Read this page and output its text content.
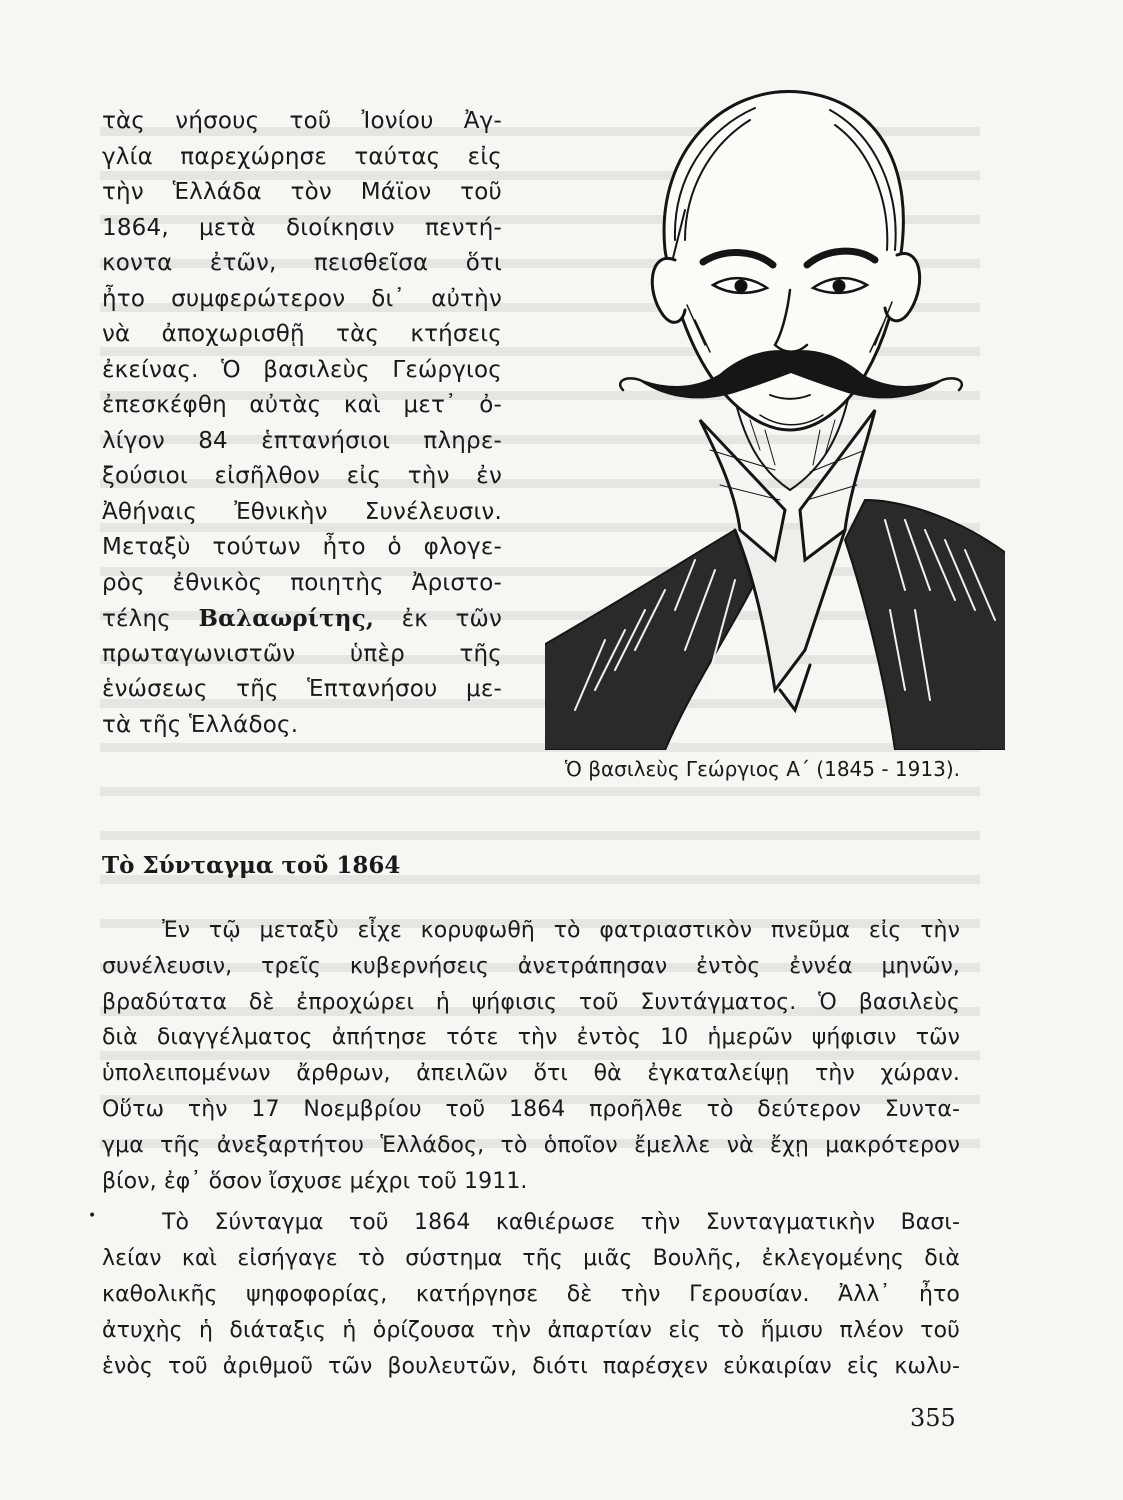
τὰς νήσους τοῦ Ἰονίου Ἀγ-
γλία παρεχώρησε ταύτας εἰς
τὴν Ἑλλάδα τὸν Μάϊον τοῦ
1864, μετὰ διοίκησιν πεντή-
κοντα ἐτῶν, πεισθεῖσα ὅτι
ἦτο συμφερώτερον δι᾽ αὐτὴν
νὰ ἀποχωρισθῇ τὰς κτήσεις
ἐκείνας. Ὁ βασιλεὺς Γεώργιος
ἐπεσκέφθη αὐτὰς καὶ μετ᾽ ὀ-
λίγον 84 ἑπτανήσιοι πληρε-
ξούσιοι εἰσῆλθον εἰς τὴν ἐν
Ἀθήναις Ἐθνικὴν Συνέλευσιν.
Μεταξὺ τούτων ἦτο ὁ φλογε-
ρὸς ἐθνικὸς ποιητὴς Ἀριστο-
τέλης Βαλαωρίτης, ἐκ τῶν
πρωταγωνιστῶν ὑπὲρ τῆς
ἑνώσεως τῆς Ἑπτανήσου με-
τὰ τῆς Ἑλλάδος.
Ὁ βασιλεὺς Γεώργιος Α΄ (1845 - 1913).
Τὸ Σύνταγμα τοῦ 1864
Ἐν τῷ μεταξὺ εἶχε κορυφωθῆ τὸ φατριαστικὸν πνεῦμα εἰς τὴν
συνέλευσιν, τρεῖς κυβερνήσεις ἀνετράπησαν ἐντὸς ἐννέα μηνῶν,
βραδύτατα δὲ ἐπροχώρει ἡ ψήφισις τοῦ Συντάγματος. Ὁ βασιλεὺς
διὰ διαγγέλματος ἀπήτησε τότε τὴν ἐντὸς 10 ἡμερῶν ψήφισιν τῶν
ὑπολειπομένων ἄρθρων, ἀπειλῶν ὅτι θὰ ἐγκαταλείψῃ τὴν χώραν.
Οὕτω τὴν 17 Νοεμβρίου τοῦ 1864 προῆλθε τὸ δεύτερον Συντα-
γμα τῆς ἀνεξαρτήτου Ἑλλάδος, τὸ ὁποῖον ἔμελλε νὰ ἔχῃ μακρότερον
βίον, ἐφ᾽ ὅσον ἴσχυσε μέχρι τοῦ 1911.
Τὸ Σύνταγμα τοῦ 1864 καθιέρωσε τὴν Συνταγματικὴν Βασι-
λείαν καὶ εἰσήγαγε τὸ σύστημα τῆς μιᾶς Βουλῆς, ἐκλεγομένης διὰ
καθολικῆς ψηφοφορίας, κατήργησε δὲ τὴν Γερουσίαν. Ἀλλ᾽ ἦτο
ἀτυχὴς ἡ διάταξις ἡ ὁρίζουσα τὴν ἀπαρτίαν εἰς τὸ ἥμισυ πλέον τοῦ
ἑνὸς τοῦ ἀριθμοῦ τῶν βουλευτῶν, διότι παρέσχεν εὐκαιρίαν εἰς κωλυ-
•
355
